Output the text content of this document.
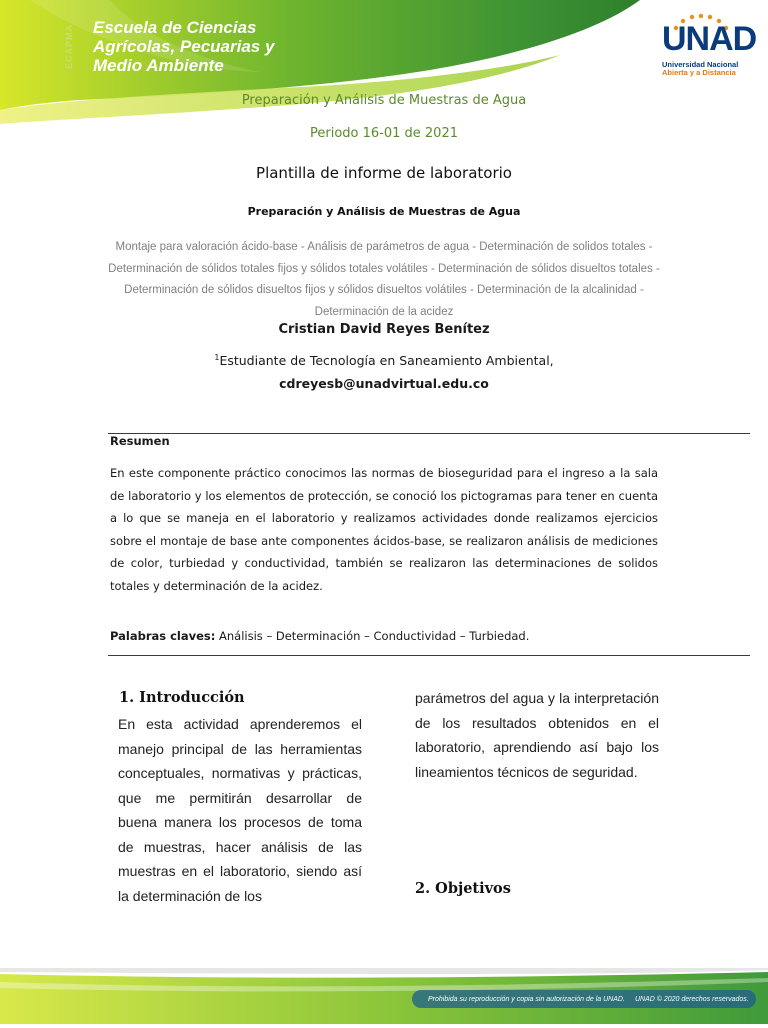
ECAPMA	Escuela de Ciencias
Agrícolas, Pecuarias y
Medio Ambiente
UNAD
Universidad Nacional
Abierta y a Distancia
Preparación y Análisis de Muestras de Agua
Periodo 16-01 de 2021
Plantilla de informe de laboratorio
Preparación y Análisis de Muestras de Agua
Montaje para valoración ácido-base - Análisis de parámetros de agua - Determinación de solidos totales - Determinación de sólidos totales fijos y sólidos totales volátiles - Determinación de sólidos disueltos totales - Determinación de sólidos disueltos fijos y sólidos disueltos volátiles - Determinación de la alcalinidad - Determinación de la acidez
Cristian David Reyes Benítez
$^1$Estudiante de Tecnología en Saneamiento Ambiental,
cdreyesb@unadvirtual.edu.co
Resumen
En este componente práctico conocimos las normas de bioseguridad para el ingreso a la sala de laboratorio y los elementos de protección, se conoció los pictogramas para tener en cuenta a lo que se maneja en el laboratorio y realizamos actividades donde realizamos ejercicios sobre el montaje de base ante componentes ácidos-base, se realizaron análisis de mediciones de color, turbiedad y conductividad, también se realizaron las determinaciones de solidos totales y determinación de la acidez.
Palabras claves: Análisis – Determinación – Conductividad – Turbiedad.
1. Introducción
En esta actividad aprenderemos el manejo principal de las herramientas conceptuales, normativas y prácticas, que me permitirán desarrollar de buena manera los procesos de toma de muestras, hacer análisis de las muestras en el laboratorio, siendo así la determinación de los
parámetros del agua y la interpretación de los resultados obtenidos en el laboratorio, aprendiendo así bajo los lineamientos técnicos de seguridad.
2. Objetivos
Prohibida su reproducción y copia sin autorización de la UNAD. UNAD © 2020 derechos reservados.
